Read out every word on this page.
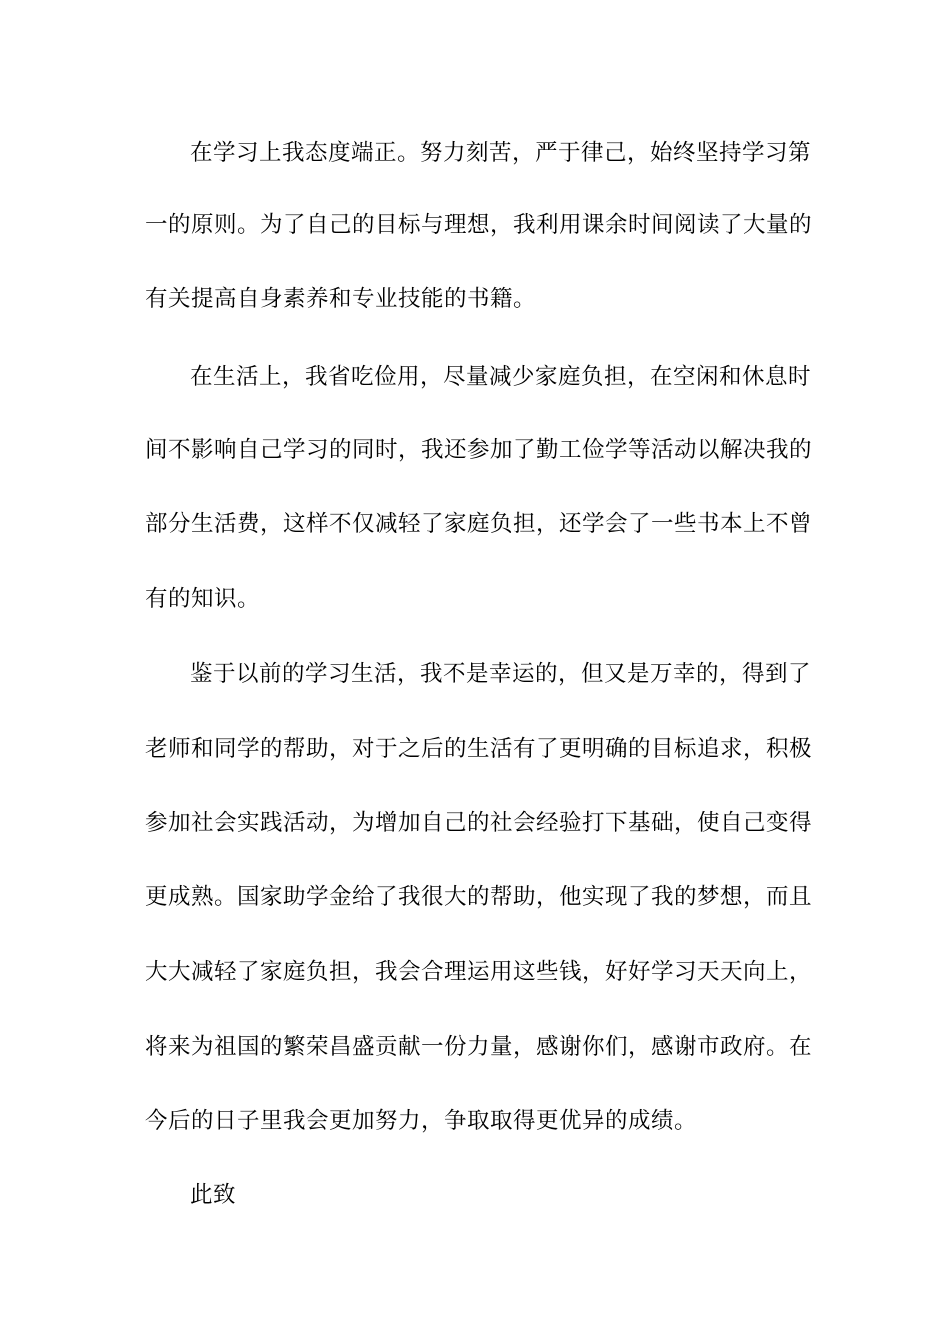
在学习上我态度端正。努力刻苦，严于律己，始终坚持学习第
一的原则。为了自己的目标与理想，我利用课余时间阅读了大量的
有关提高自身素养和专业技能的书籍。
在生活上，我省吃俭用，尽量减少家庭负担，在空闲和休息时
间不影响自己学习的同时，我还参加了勤工俭学等活动以解决我的
部分生活费，这样不仅减轻了家庭负担，还学会了一些书本上不曾
有的知识。
鉴于以前的学习生活，我不是幸运的，但又是万幸的，得到了
老师和同学的帮助，对于之后的生活有了更明确的目标追求，积极
参加社会实践活动，为增加自己的社会经验打下基础，使自己变得
更成熟。国家助学金给了我很大的帮助，他实现了我的梦想，而且
大大减轻了家庭负担，我会合理运用这些钱，好好学习天天向上，
将来为祖国的繁荣昌盛贡献一份力量，感谢你们，感谢市政府。在
今后的日子里我会更加努力，争取取得更优异的成绩。
此致
